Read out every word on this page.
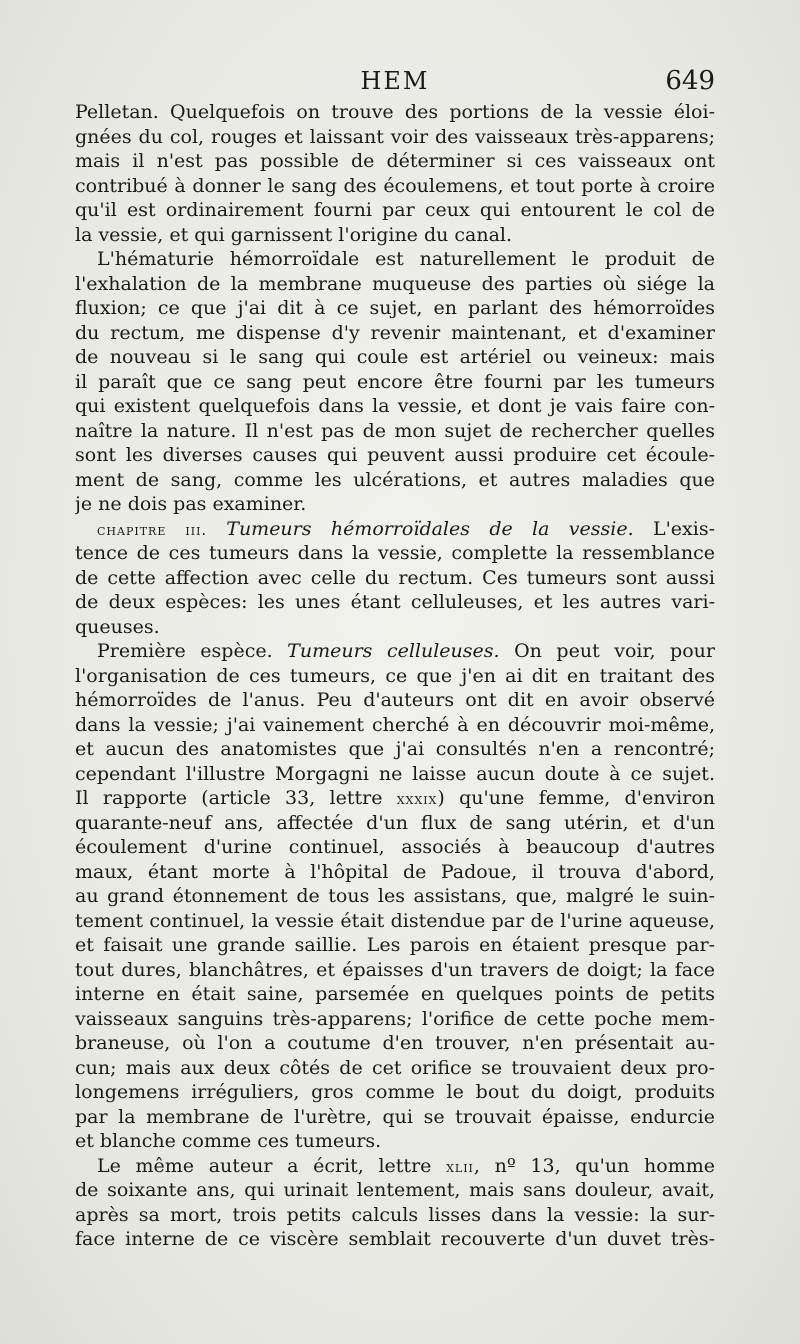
HEM	649
Pelletan. Quelquefois on trouve des portions de la vessie éloi-
gnées du col, rouges et laissant voir des vaisseaux très-apparens;
mais il n'est pas possible de déterminer si ces vaisseaux ont
contribué à donner le sang des écoulemens, et tout porte à croire
qu'il est ordinairement fourni par ceux qui entourent le col de
la vessie, et qui garnissent l'origine du canal.
L'hématurie hémorroïdale est naturellement le produit de
l'exhalation de la membrane muqueuse des parties où siége la
fluxion; ce que j'ai dit à ce sujet, en parlant des hémorroïdes
du rectum, me dispense d'y revenir maintenant, et d'examiner
de nouveau si le sang qui coule est artériel ou veineux: mais
il paraît que ce sang peut encore être fourni par les tumeurs
qui existent quelquefois dans la vessie, et dont je vais faire con-
naître la nature. Il n'est pas de mon sujet de rechercher quelles
sont les diverses causes qui peuvent aussi produire cet écoule-
ment de sang, comme les ulcérations, et autres maladies que
je ne dois pas examiner.
chapitre iii. Tumeurs hémorroïdales de la vessie. L'exis-
tence de ces tumeurs dans la vessie, complette la ressemblance
de cette affection avec celle du rectum. Ces tumeurs sont aussi
de deux espèces: les unes étant celluleuses, et les autres vari-
queuses.
Première espèce. Tumeurs celluleuses. On peut voir, pour
l'organisation de ces tumeurs, ce que j'en ai dit en traitant des
hémorroïdes de l'anus. Peu d'auteurs ont dit en avoir observé
dans la vessie; j'ai vainement cherché à en découvrir moi-même,
et aucun des anatomistes que j'ai consultés n'en a rencontré;
cependant l'illustre Morgagni ne laisse aucun doute à ce sujet.
Il rapporte (article 33, lettre xxxix) qu'une femme, d'environ
quarante-neuf ans, affectée d'un flux de sang utérin, et d'un
écoulement d'urine continuel, associés à beaucoup d'autres
maux, étant morte à l'hôpital de Padoue, il trouva d'abord,
au grand étonnement de tous les assistans, que, malgré le suin-
tement continuel, la vessie était distendue par de l'urine aqueuse,
et faisait une grande saillie. Les parois en étaient presque par-
tout dures, blanchâtres, et épaisses d'un travers de doigt; la face
interne en était saine, parsemée en quelques points de petits
vaisseaux sanguins très-apparens; l'orifice de cette poche mem-
braneuse, où l'on a coutume d'en trouver, n'en présentait au-
cun; mais aux deux côtés de cet orifice se trouvaient deux pro-
longemens irréguliers, gros comme le bout du doigt, produits
par la membrane de l'urètre, qui se trouvait épaisse, endurcie
et blanche comme ces tumeurs.
Le même auteur a écrit, lettre xlii, nº 13, qu'un homme
de soixante ans, qui urinait lentement, mais sans douleur, avait,
après sa mort, trois petits calculs lisses dans la vessie: la sur-
face interne de ce viscère semblait recouverte d'un duvet très-
